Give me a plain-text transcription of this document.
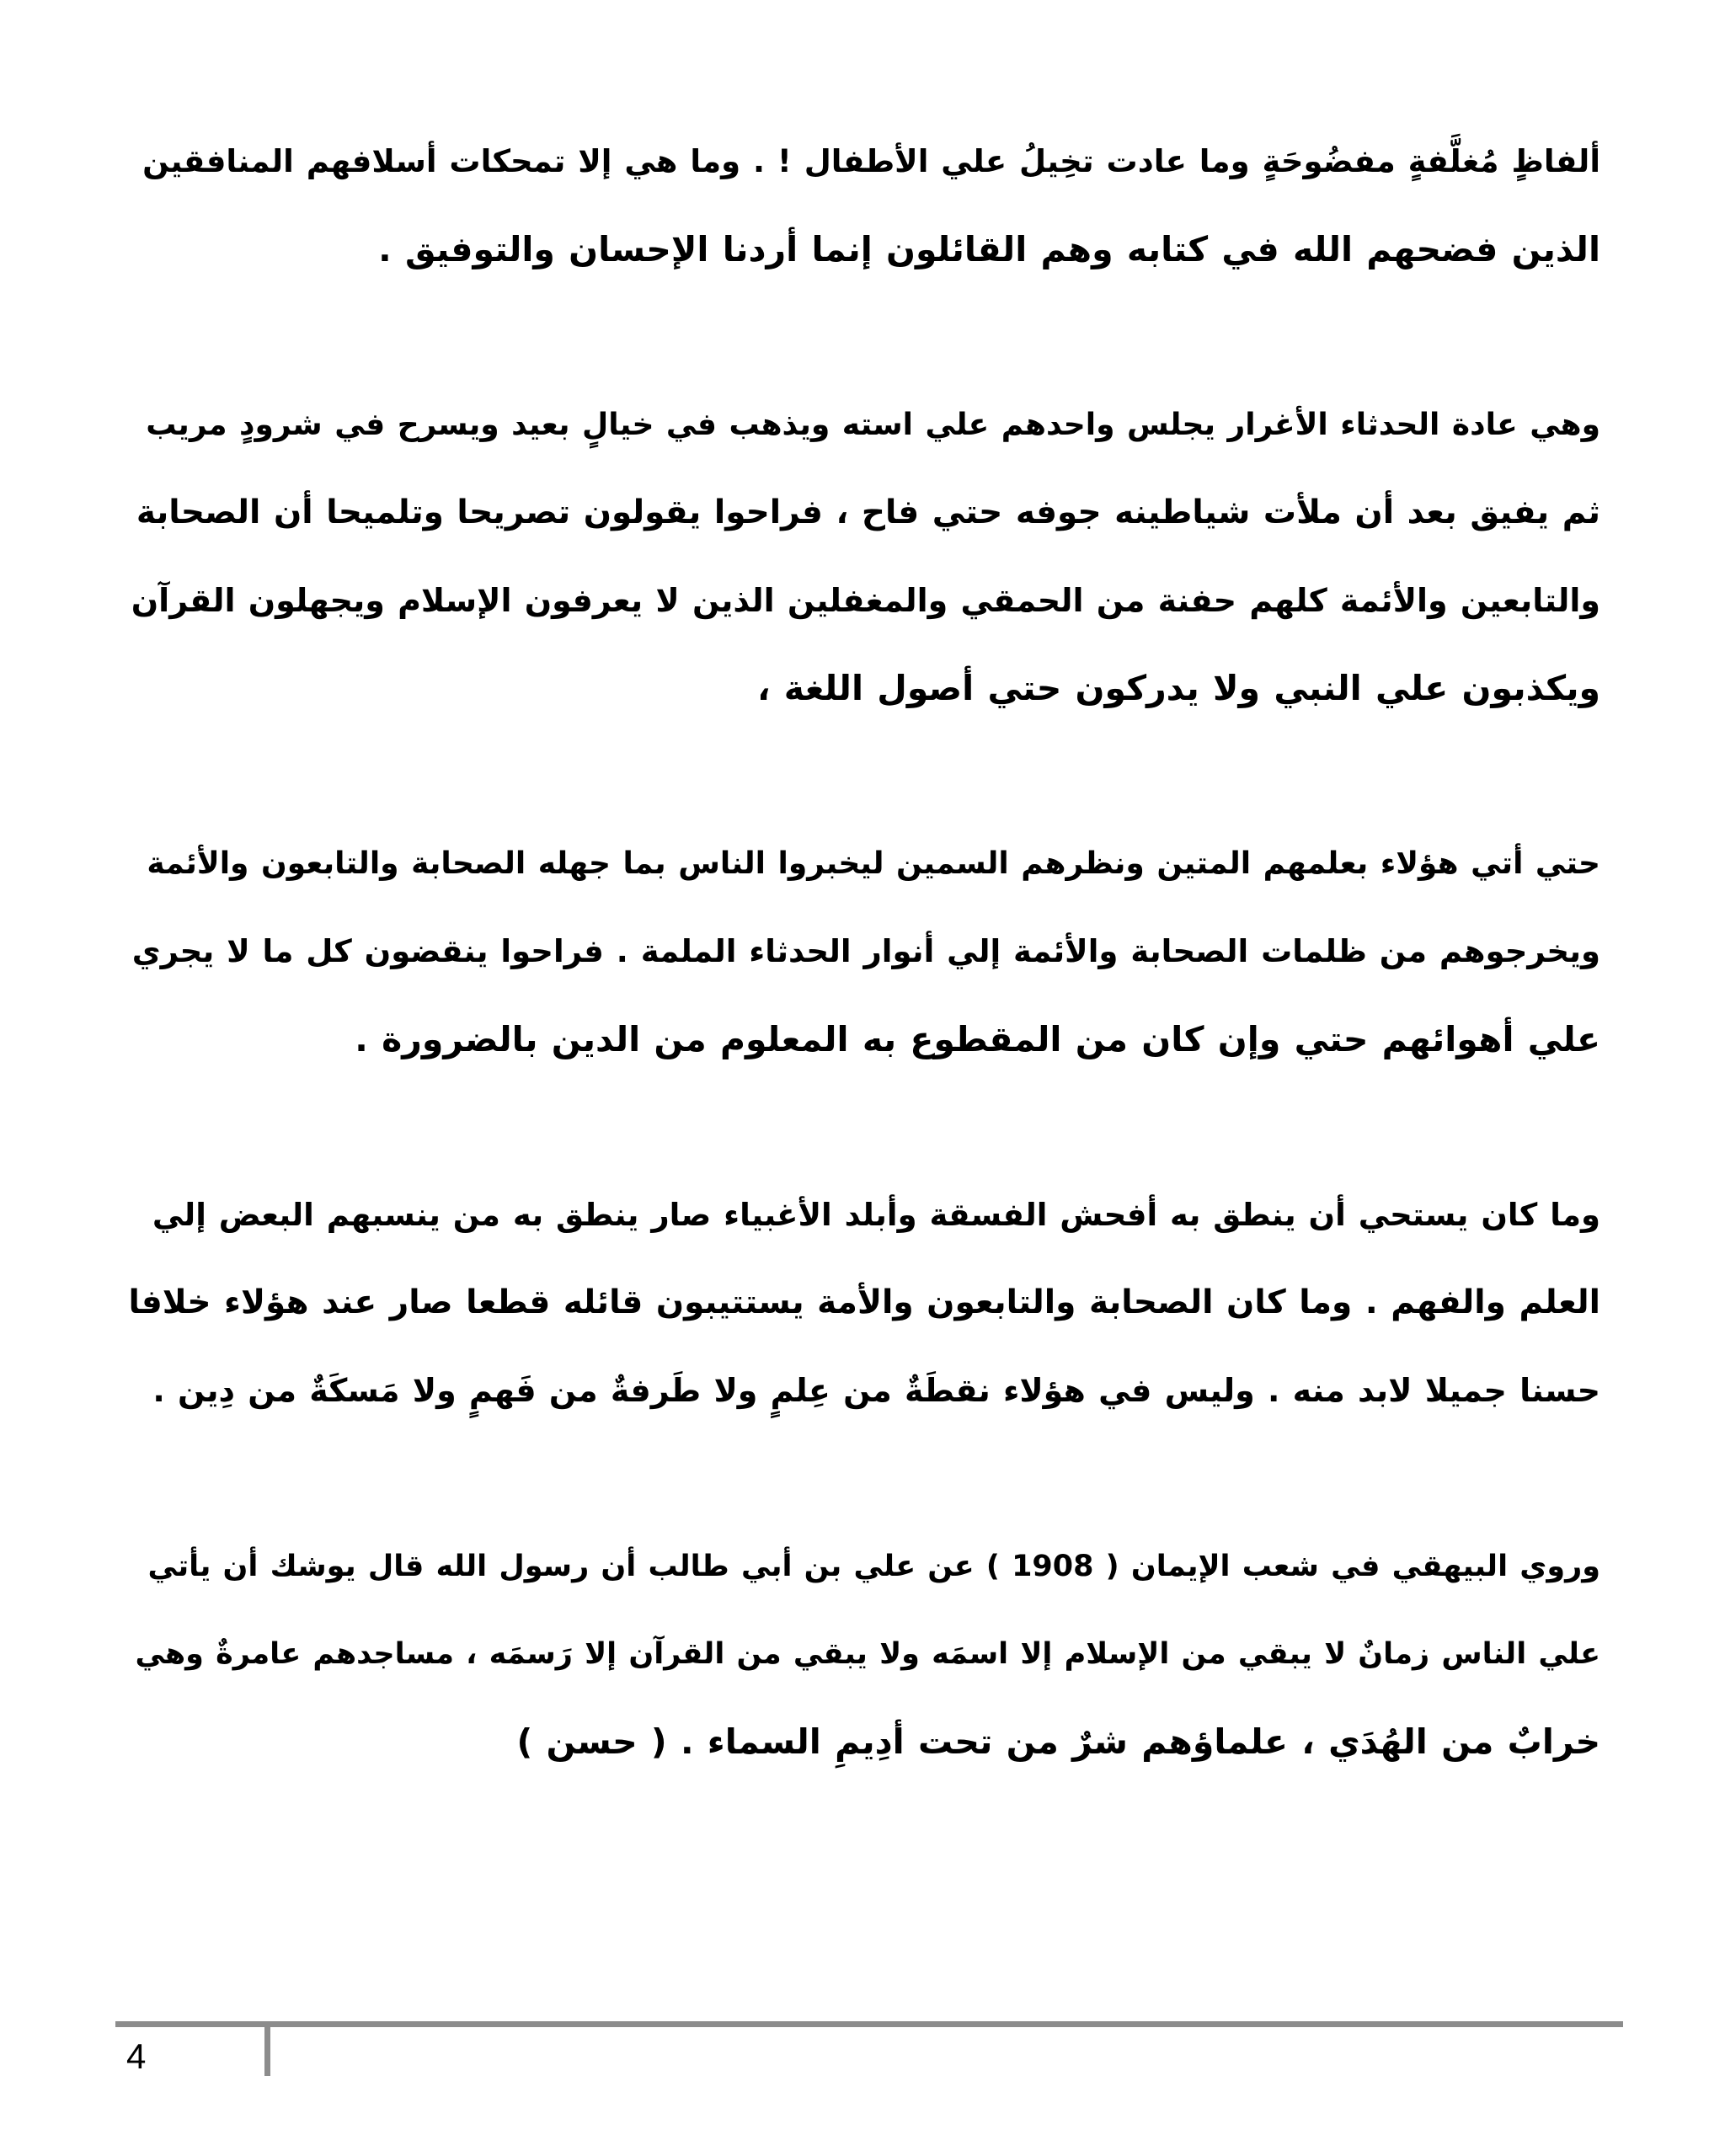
ألفاظٍ مُغلَّفةٍ مفضُوحَةٍ وما عادت تخِيلُ علي الأطفال ! . وما هي إلا تمحكات أسلافهم المنافقين
الذين فضحهم الله في كتابه وهم القائلون إنما أردنا الإحسان والتوفيق .

وهي عادة الحدثاء الأغرار يجلس واحدهم علي استه ويذهب في خيالٍ بعيد ويسرح في شرودٍ مريب
ثم يفيق بعد أن ملأت شياطينه جوفه حتي فاح ، فراحوا يقولون تصريحا وتلميحا أن الصحابة
والتابعين والأئمة كلهم حفنة من الحمقي والمغفلين الذين لا يعرفون الإسلام ويجهلون القرآن
ويكذبون علي النبي ولا يدركون حتي أصول اللغة ،

حتي أتي هؤلاء بعلمهم المتين ونظرهم السمين ليخبروا الناس بما جهله الصحابة والتابعون والأئمة
ويخرجوهم من ظلمات الصحابة والأئمة إلي أنوار الحدثاء الملمة . فراحوا ينقضون كل ما لا يجري
علي أهوائهم حتي وإن كان من المقطوع به المعلوم من الدين بالضرورة .

وما كان يستحي أن ينطق به أفحش الفسقة وأبلد الأغبياء صار ينطق به من ينسبهم البعض إلي
العلم والفهم . وما كان الصحابة والتابعون والأمة يستتيبون قائله قطعا صار عند هؤلاء خلافا
حسنا جميلا لابد منه . وليس في هؤلاء نقطَةٌ من عِلمٍ ولا طَرفةٌ من فَهمٍ ولا مَسكَةٌ من دِين .

وروي البيهقي في شعب الإيمان ( 1908 ) عن علي بن أبي طالب أن رسول الله قال يوشك أن يأتي
علي الناس زمانٌ لا يبقي من الإسلام إلا اسمَه ولا يبقي من القرآن إلا رَسمَه ، مساجدهم عامرةٌ وهي
خرابٌ من الهُدَي ، علماؤهم شرٌ من تحت أدِيمِ السماء . ( حسن )

4
